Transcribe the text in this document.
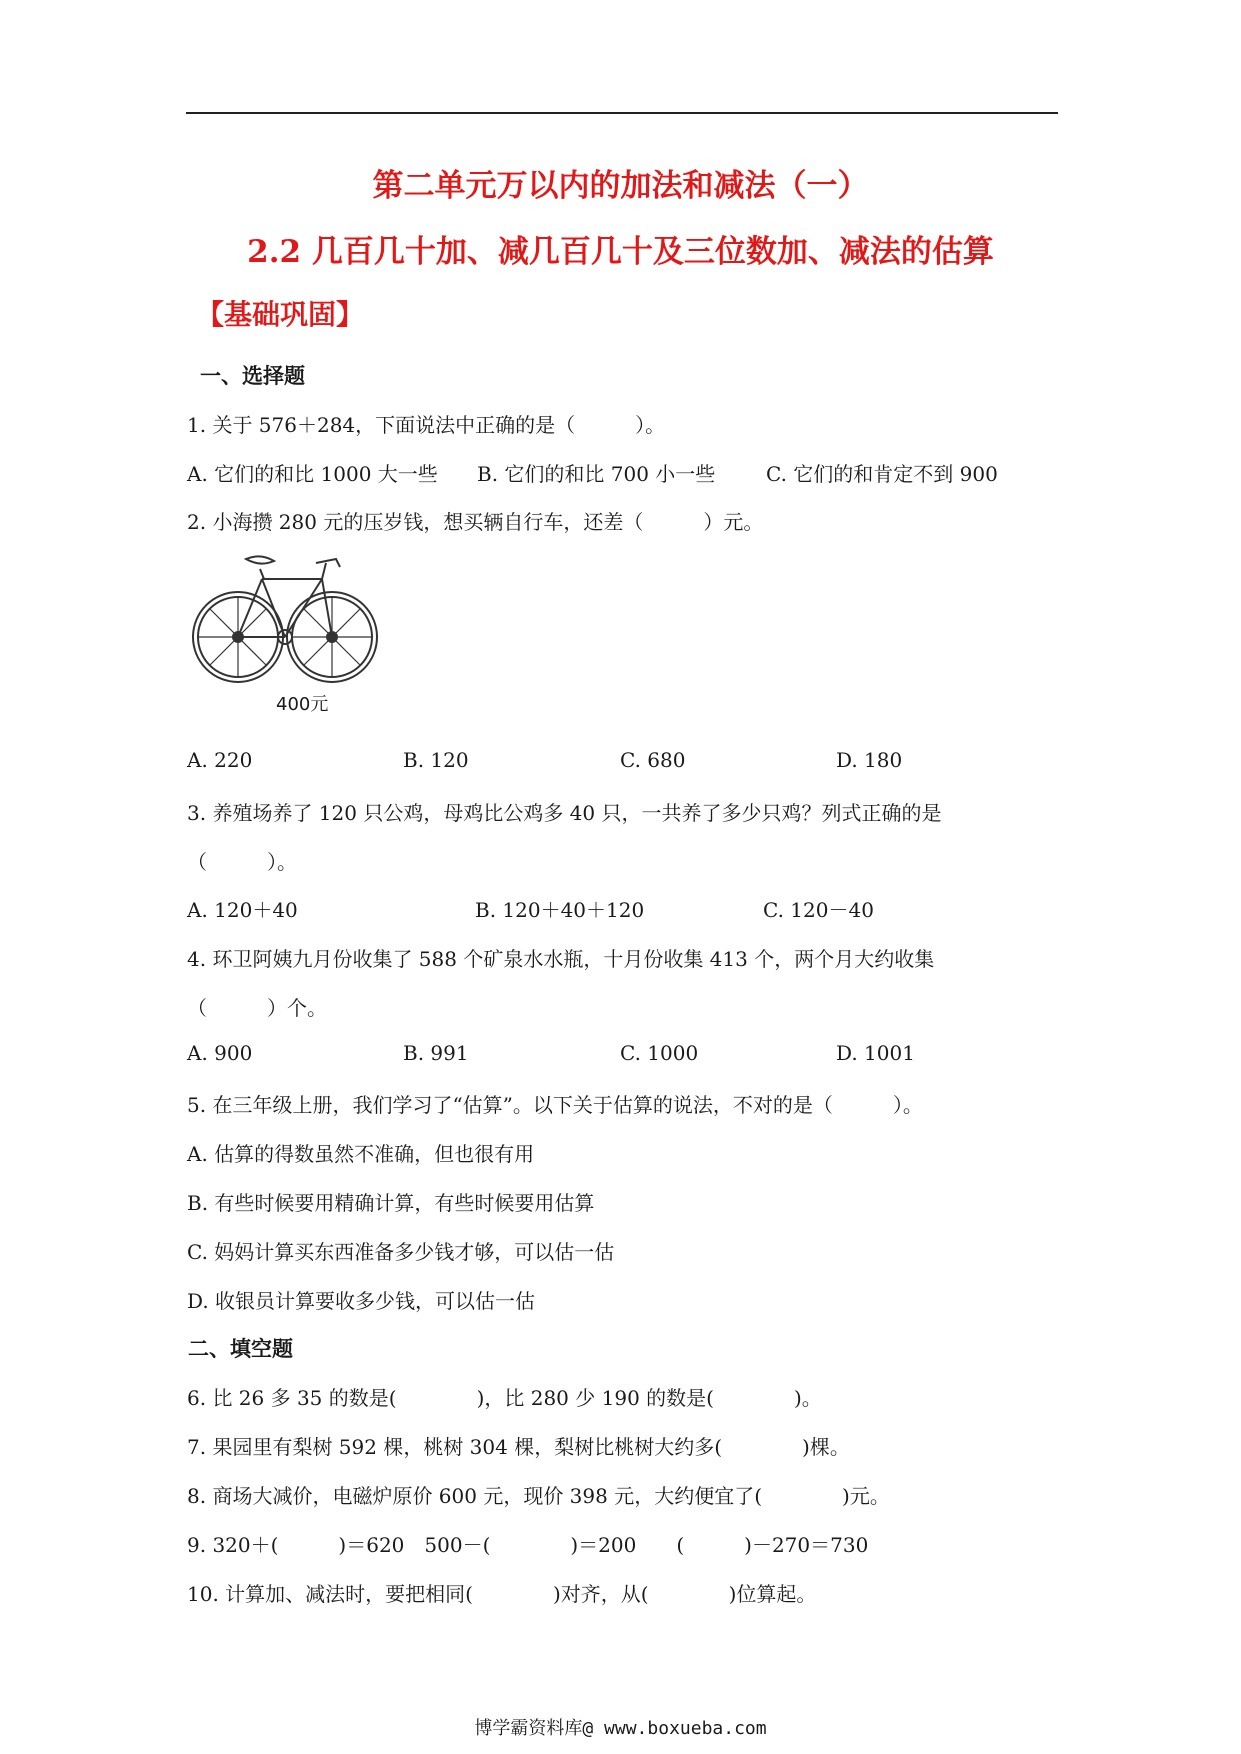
第二单元万以内的加法和减法（一）
2.2 几百几十加、减几百几十及三位数加、减法的估算
【基础巩固】
一、选择题
1. 关于 576＋284，下面说法中正确的是（　　　）。
A. 它们的和比 1000 大一些 B. 它们的和比 700 小一些	C. 它们的和肯定不到 900
2. 小海攒 280 元的压岁钱，想买辆自行车，还差（　　　）元。
400元
A. 220	B. 120	C. 680	D. 180
3. 养殖场养了 120 只公鸡，母鸡比公鸡多 40 只，一共养了多少只鸡？列式正确的是
（　　　）。
A. 120＋40	B. 120＋40＋120	C. 120－40
4. 环卫阿姨九月份收集了 588 个矿泉水水瓶，十月份收集 413 个，两个月大约收集
（　　　）个。
A. 900	B. 991	C. 1000	D. 1001
5. 在三年级上册，我们学习了“估算”。以下关于估算的说法，不对的是（　　　）。
A. 估算的得数虽然不准确，但也很有用
B. 有些时候要用精确计算，有些时候要用估算
C. 妈妈计算买东西准备多少钱才够，可以估一估
D. 收银员计算要收多少钱，可以估一估
二、填空题
6. 比 26 多 35 的数是(　　　　)，比 280 少 190 的数是(　　　　)。
7. 果园里有梨树 592 棵，桃树 304 棵，梨树比桃树大约多(　　　　)棵。
8. 商场大减价，电磁炉原价 600 元，现价 398 元，大约便宜了(　　　　)元。
9. 320＋(　　　)＝620　500－(　　　　)＝200　　(　　　)－270＝730
10. 计算加、减法时，要把相同(　　　　)对齐，从(　　　　)位算起。
博学霸资料库@ www.boxueba.com
